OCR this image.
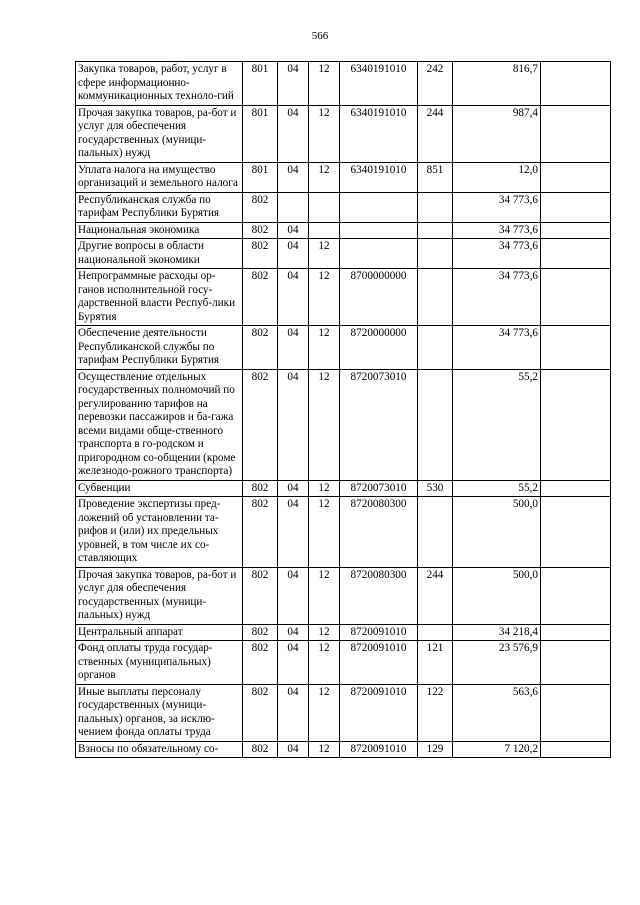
566
Закупка товаров, работ, услуг в сфере информационно-коммуникационных техноло-гий	801	04	12	6340191010	242	816,7	
Прочая закупка товаров, ра-бот и услуг для обеспечения государственных (муници-пальных) нужд	801	04	12	6340191010	244	987,4	
Уплата налога на имущество организаций и земельного налога	801	04	12	6340191010	851	12,0	
Республиканская служба по тарифам Республики Бурятия	802					34 773,6	
Национальная экономика	802	04				34 773,6	
Другие вопросы в области национальной экономики	802	04	12			34 773,6	
Непрограммные расходы ор-ганов исполнительной госу-дарственной власти Респуб-лики Бурятия	802	04	12	8700000000		34 773,6	
Обеспечение деятельности Республиканской службы по тарифам Республики Бурятия	802	04	12	8720000000		34 773,6	
Осуществление отдельных государственных полномочий по регулированию тарифов на перевозки пассажиров и ба-гажа всеми видами обще-ственного транспорта в го-родском и пригородном со-общении (кроме железнодо-рожного транспорта)	802	04	12	8720073010		55,2	
Субвенции	802	04	12	8720073010	530	55,2	
Проведение экспертизы пред-ложений об установлении та-рифов и (или) их предельных уровней, в том числе их со-ставляющих	802	04	12	8720080300		500,0	
Прочая закупка товаров, ра-бот и услуг для обеспечения государственных (муници-пальных) нужд	802	04	12	8720080300	244	500,0	
Центральный аппарат	802	04	12	8720091010		34 218,4	
Фонд оплаты труда государ-ственных (муниципальных) органов	802	04	12	8720091010	121	23 576,9	
Иные выплаты персоналу государственных (муници-пальных) органов, за исклю-чением фонда оплаты труда	802	04	12	8720091010	122	563,6	
Взносы по обязательному со-	802	04	12	8720091010	129	7 120,2	
